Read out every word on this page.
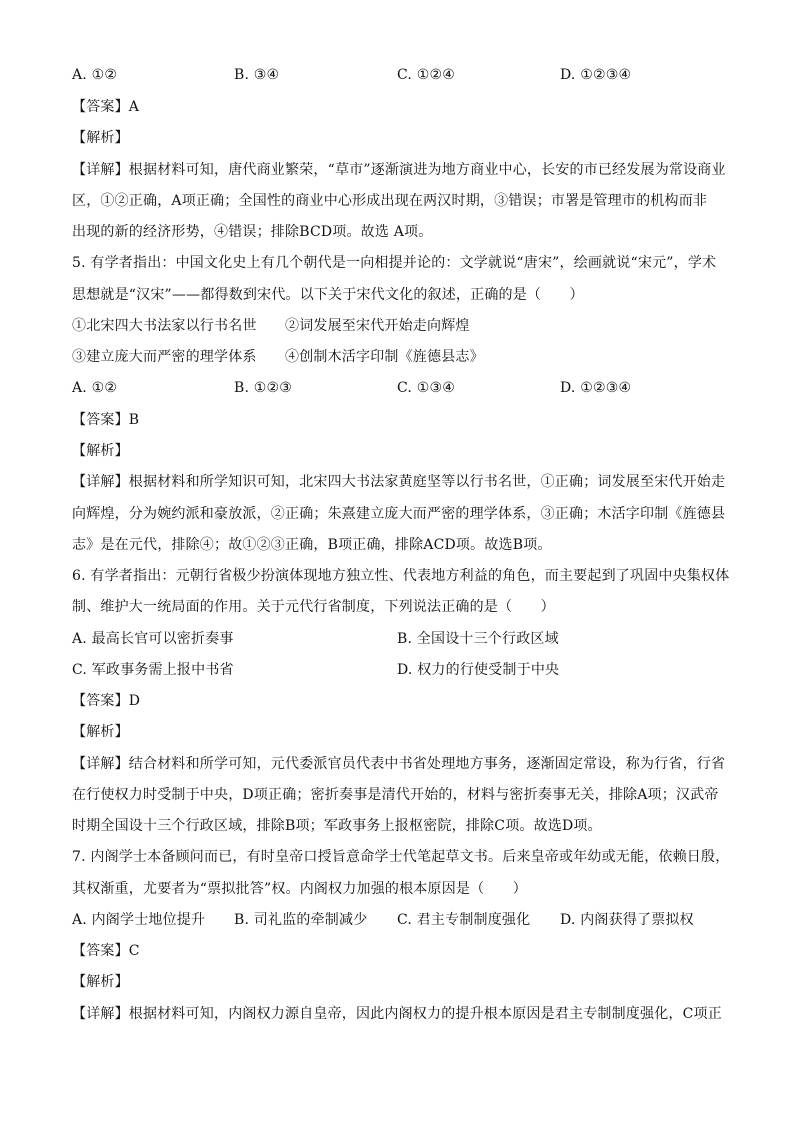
A. ①②	B. ③④	C. ①②④	D. ①②③④
【答案】A
【解析】
【详解】根据材料可知，唐代商业繁荣，“草市”逐渐演进为地方商业中心，长安的市已经发展为常设商业
区，①②正确，A项正确；全国性的商业中心形成出现在两汉时期，③错误；市署是管理市的机构而非
出现的新的经济形势，④错误；排除BCD项。故选 A项。
5. 有学者指出：中国文化史上有几个朝代是一向相提并论的：文学就说“唐宋”，绘画就说“宋元”，学术
思想就是“汉宋”——都得数到宋代。以下关于宋代文化的叙述，正确的是（　　）
①北宋四大书法家以行书名世　　②词发展至宋代开始走向辉煌
③建立庞大而严密的理学体系　　④创制木活字印制《旌德县志》
A. ①②	B. ①②③	C. ①③④	D. ①②③④
【答案】B
【解析】
【详解】根据材料和所学知识可知，北宋四大书法家黄庭坚等以行书名世，①正确；词发展至宋代开始走
向辉煌，分为婉约派和豪放派，②正确；朱熹建立庞大而严密的理学体系，③正确；木活字印制《旌德县
志》是在元代，排除④；故①②③正确，B项正确，排除ACD项。故选B项。
6. 有学者指出：元朝行省极少扮演体现地方独立性、代表地方利益的角色，而主要起到了巩固中央集权体
制、维护大一统局面的作用。关于元代行省制度，下列说法正确的是（　　）
A. 最高长官可以密折奏事	B. 全国设十三个行政区域
C. 军政事务需上报中书省	D. 权力的行使受制于中央
【答案】D
【解析】
【详解】结合材料和所学可知，元代委派官员代表中书省处理地方事务，逐渐固定常设，称为行省，行省
在行使权力时受制于中央，D项正确；密折奏事是清代开始的，材料与密折奏事无关，排除A项；汉武帝
时期全国设十三个行政区域，排除B项；军政事务上报枢密院，排除C项。故选D项。
7. 内阁学士本备顾问而已，有时皇帝口授旨意命学士代笔起草文书。后来皇帝或年幼或无能，依赖日殷，
其权渐重，尤要者为“票拟批答”权。内阁权力加强的根本原因是（　　）
A. 内阁学士地位提升 B. 司礼监的牵制减少 C. 君主专制制度强化 D. 内阁获得了票拟权
【答案】C
【解析】
【详解】根据材料可知，内阁权力源自皇帝，因此内阁权力的提升根本原因是君主专制制度强化，C项正
